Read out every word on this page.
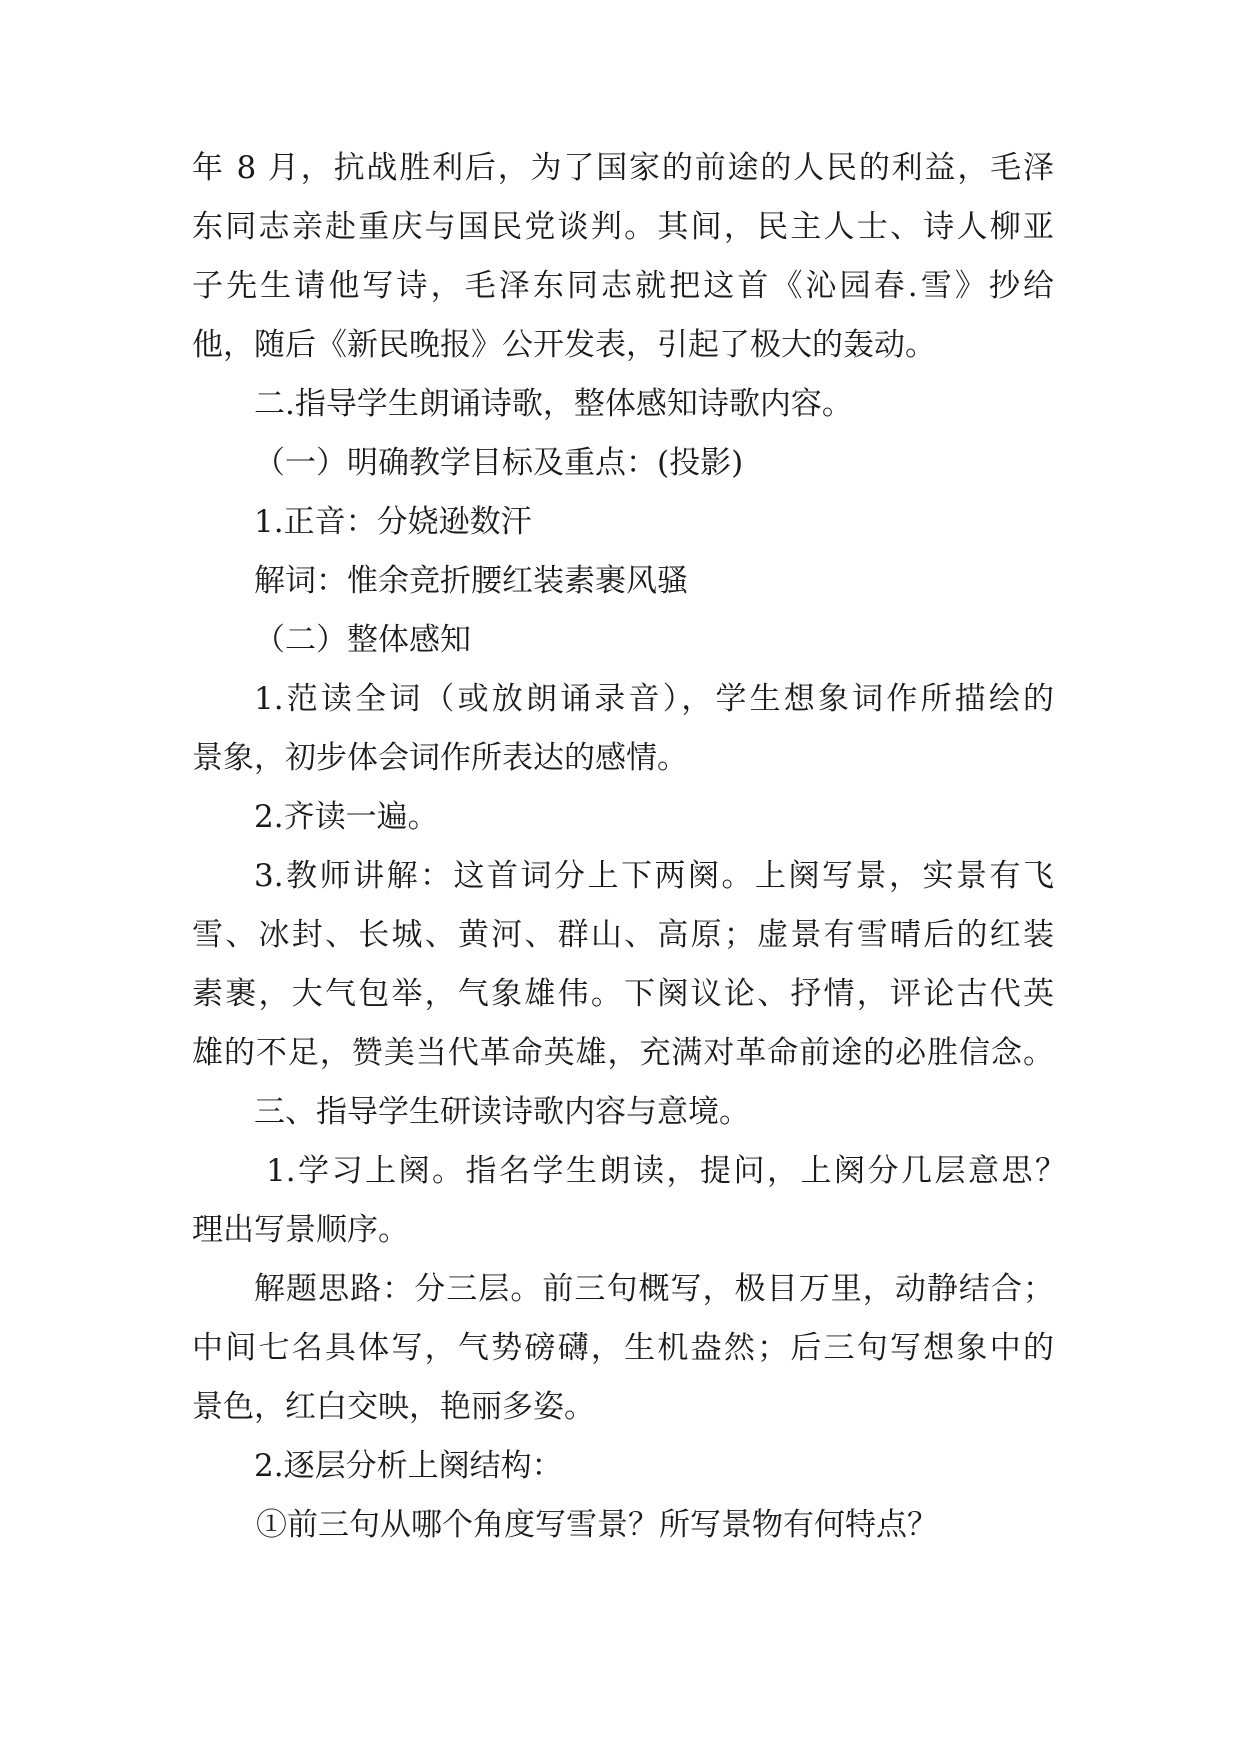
年 8 月，抗战胜利后，为了国家的前途的人民的利益，毛泽
东同志亲赴重庆与国民党谈判。其间，民主人士、诗人柳亚
子先生请他写诗，毛泽东同志就把这首《沁园春.雪》抄给
他，随后《新民晚报》公开发表，引起了极大的轰动。
二.指导学生朗诵诗歌，整体感知诗歌内容。
（一）明确教学目标及重点：(投影)
1.正音：分娆逊数汗
解词：惟余竞折腰红装素裹风骚
（二）整体感知
1.范读全词（或放朗诵录音），学生想象词作所描绘的
景象，初步体会词作所表达的感情。
2.齐读一遍。
3.教师讲解：这首词分上下两阕。上阕写景，实景有飞
雪、冰封、长城、黄河、群山、高原；虚景有雪晴后的红装
素裹，大气包举，气象雄伟。下阕议论、抒情，评论古代英
雄的不足，赞美当代革命英雄，充满对革命前途的必胜信念。
三、指导学生研读诗歌内容与意境。
1.学习上阕。指名学生朗读，提问，上阕分几层意思？
理出写景顺序。
解题思路：分三层。前三句概写，极目万里，动静结合；
中间七名具体写，气势磅礴，生机盎然；后三句写想象中的
景色，红白交映，艳丽多姿。
2.逐层分析上阕结构：
①前三句从哪个角度写雪景？所写景物有何特点？
